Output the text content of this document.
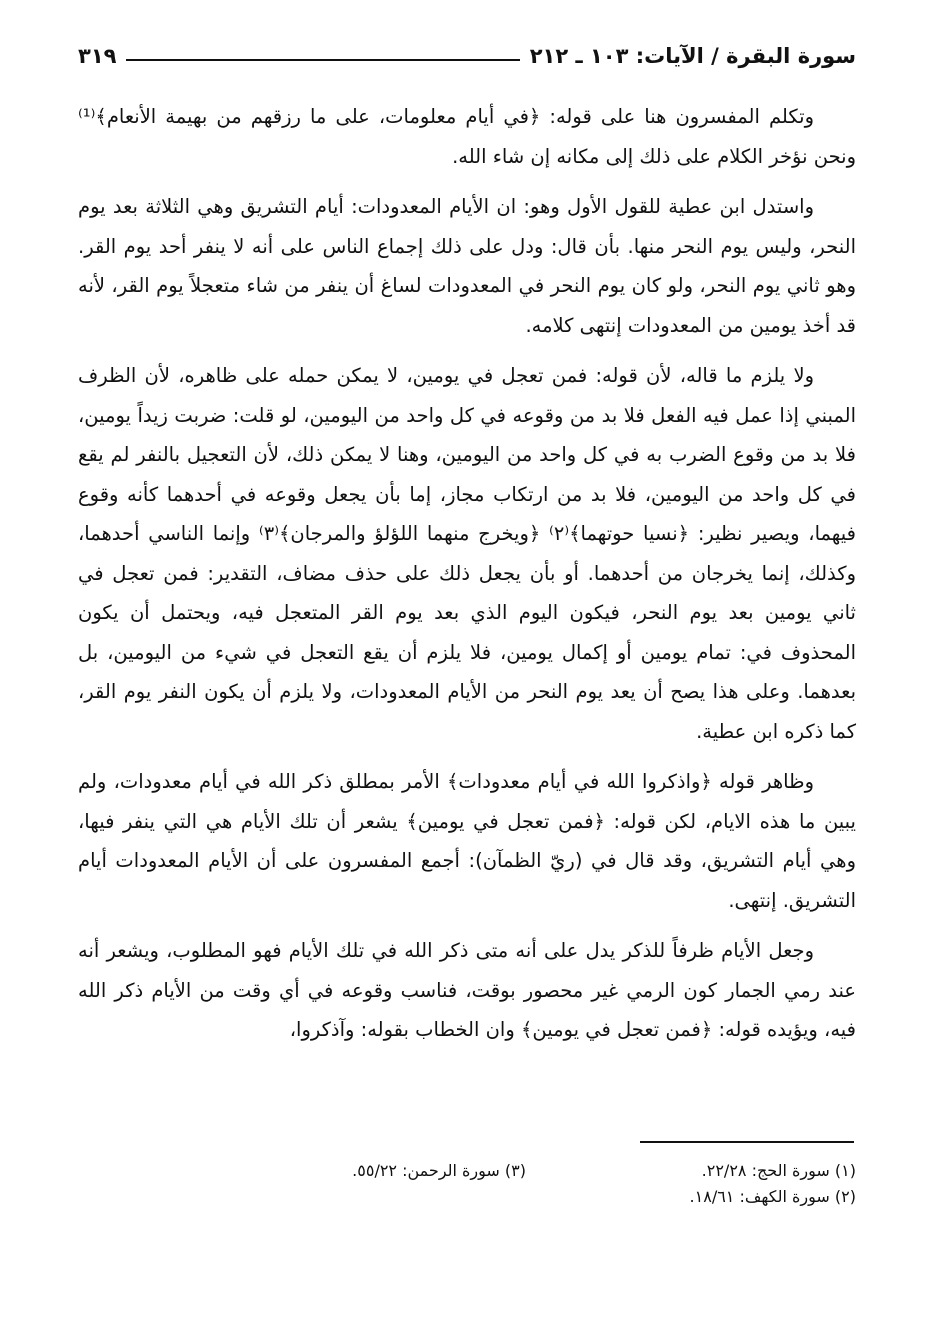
سورة البقرة / الآيات: ١٠٣ ـ ٢١٢
٣١٩

وتكلم المفسرون هنا على قوله: ﴿في أيام معلومات، على ما رزقهم من بهيمة الأنعام﴾⁽¹⁾ونحن نؤخر الكلام على ذلك إلى مكانه إن شاء الله.

واستدل ابن عطية للقول الأول وهو: ان الأيام المعدودات: أيام التشريق وهي الثلاثة بعد يوم النحر، وليس يوم النحر منها. بأن قال: ودل على ذلك إجماع الناس على أنه لا ينفر أحد يوم القر. وهو ثاني يوم النحر، ولو كان يوم النحر في المعدودات لساغ أن ينفر من شاء متعجلاً يوم القر، لأنه قد أخذ يومين من المعدودات إنتهى كلامه.

ولا يلزم ما قاله، لأن قوله: فمن تعجل في يومين، لا يمكن حمله على ظاهره، لأن الظرف المبني إذا عمل فيه الفعل فلا بد من وقوعه في كل واحد من اليومين، لو قلت: ضربت زيداً يومين، فلا بد من وقوع الضرب به في كل واحد من اليومين، وهنا لا يمكن ذلك، لأن التعجيل بالنفر لم يقع في كل واحد من اليومين، فلا بد من ارتكاب مجاز، إما بأن يجعل وقوعه في أحدهما كأنه وقوع فيهما، ويصير نظير: ﴿نسيا حوتهما﴾⁽٢⁾ ﴿ويخرج منهما اللؤلؤ والمرجان﴾⁽٣⁾ وإنما الناسي أحدهما، وكذلك، إنما يخرجان من أحدهما. أو بأن يجعل ذلك على حذف مضاف، التقدير: فمن تعجل في ثاني يومين بعد يوم النحر، فيكون اليوم الذي بعد يوم القر المتعجل فيه، ويحتمل أن يكون المحذوف في: تمام يومين أو إكمال يومين، فلا يلزم أن يقع التعجل في شيء من اليومين، بل بعدهما. وعلى هذا يصح أن يعد يوم النحر من الأيام المعدودات، ولا يلزم أن يكون النفر يوم القر، كما ذكره ابن عطية.

وظاهر قوله ﴿واذكروا الله في أيام معدودات﴾ الأمر بمطلق ذكر الله في أيام معدودات، ولم يبين ما هذه الايام، لكن قوله: ﴿فمن تعجل في يومين﴾ يشعر أن تلك الأيام هي التي ينفر فيها، وهي أيام التشريق، وقد قال في (ريّ الظمآن): أجمع المفسرون على أن الأيام المعدودات أيام التشريق. إنتهى.

وجعل الأيام ظرفاً للذكر يدل على أنه متى ذكر الله في تلك الأيام فهو المطلوب، ويشعر أنه عند رمي الجمار كون الرمي غير محصور بوقت، فناسب وقوعه في أي وقت من الأيام ذكر الله فيه، ويؤيده قوله: ﴿فمن تعجل في يومين﴾ وان الخطاب بقوله: وآذكروا،

(١) سورة الحج: ٢٢/٢٨.
(٣) سورة الرحمن: ٥٥/٢٢.
(٢) سورة الكهف: ١٨/٦١.
